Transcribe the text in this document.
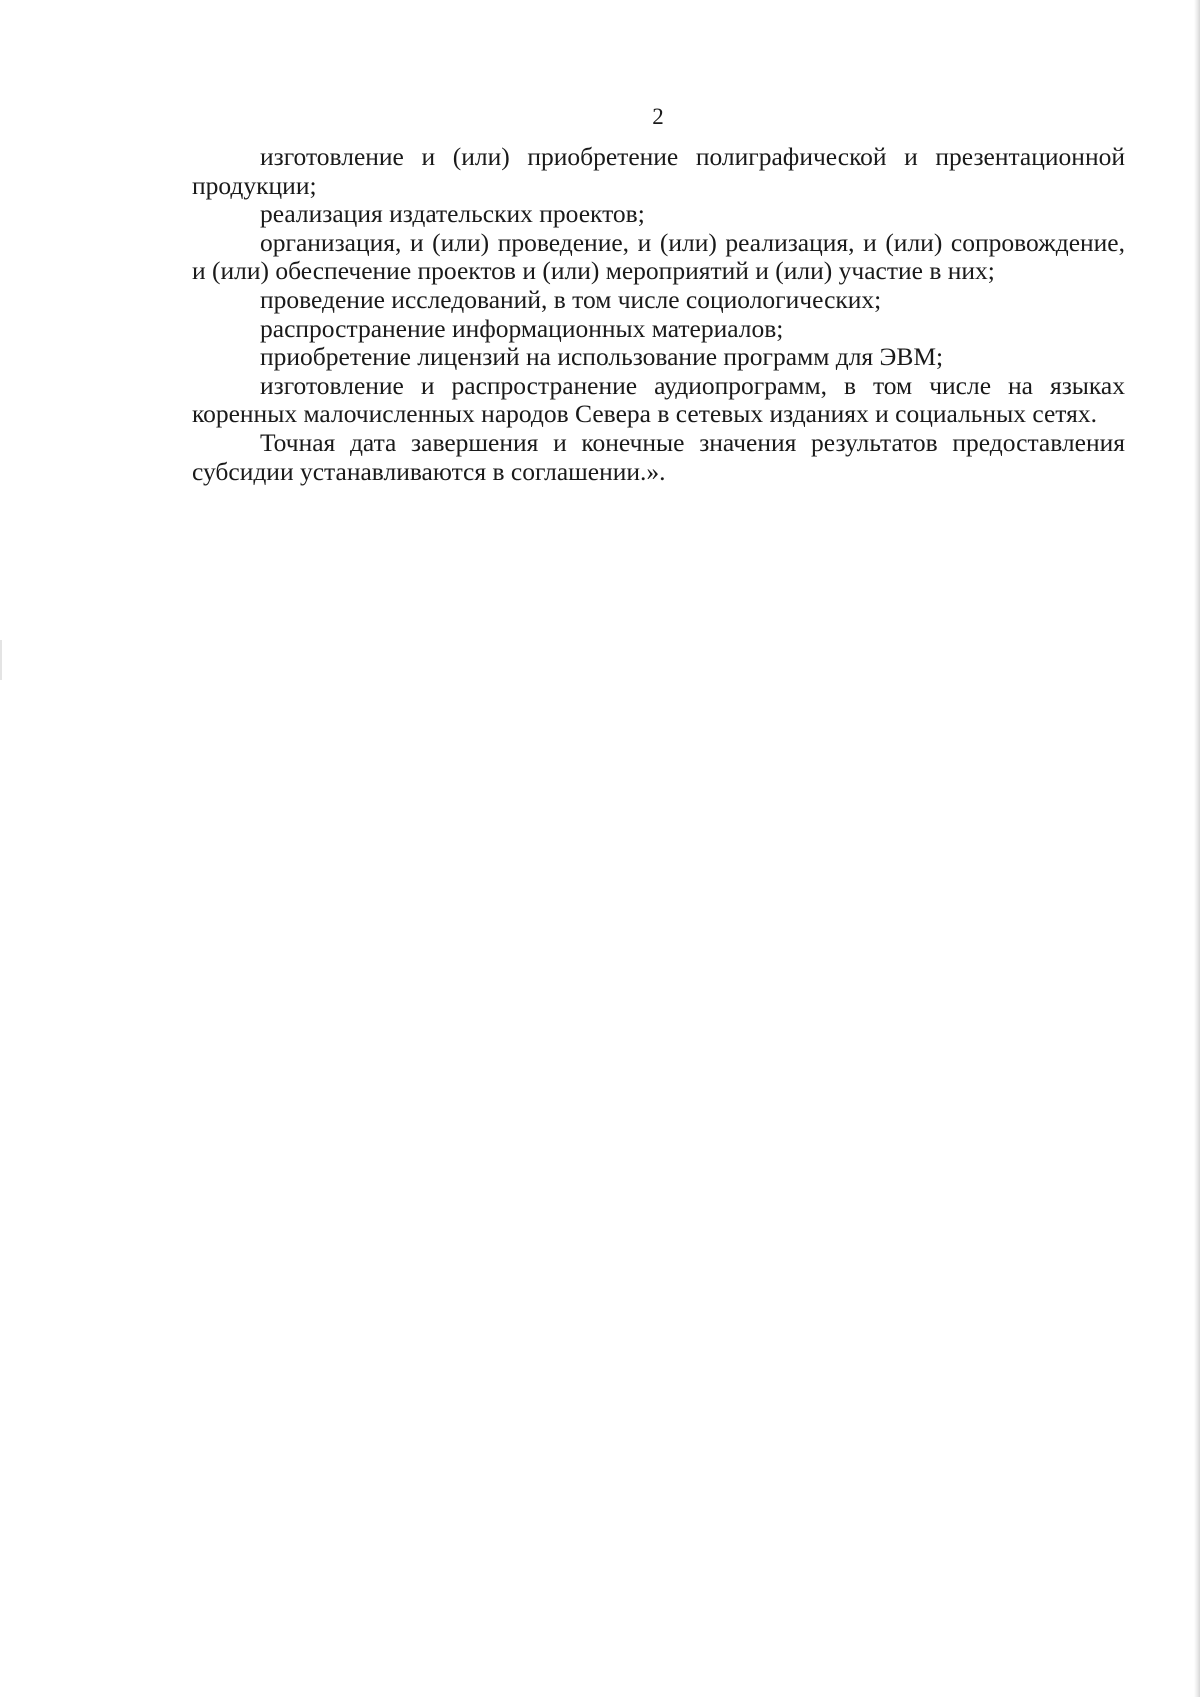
2

изготовление и (или) приобретение полиграфической и презентационной продукции;

реализация издательских проектов;

организация, и (или) проведение, и (или) реализация, и (или) сопровождение, и (или) обеспечение проектов и (или) мероприятий и (или) участие в них;

проведение исследований, в том числе социологических;

распространение информационных материалов;

приобретение лицензий на использование программ для ЭВМ;

изготовление и распространение аудиопрограмм, в том числе на языках коренных малочисленных народов Севера в сетевых изданиях и социальных сетях.

Точная дата завершения и конечные значения результатов предоставления субсидии устанавливаются в соглашении.».
